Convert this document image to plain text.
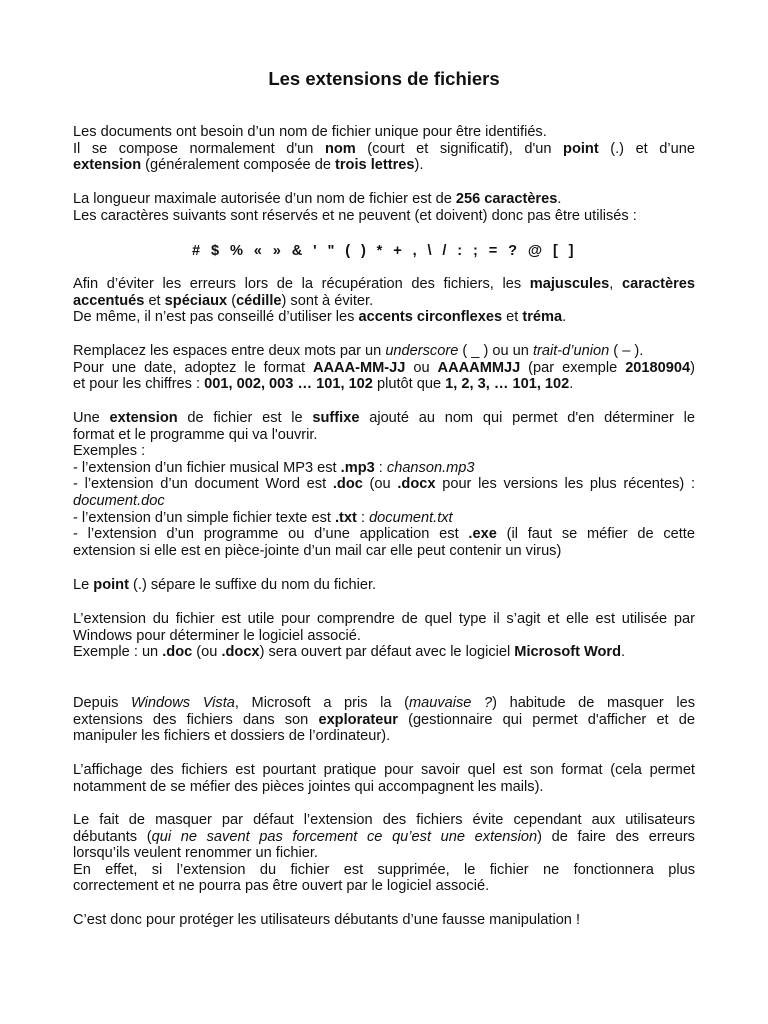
Les extensions de fichiers
Les documents ont besoin d’un nom de fichier unique pour être identifiés.
Il se compose normalement d'un nom (court et significatif), d'un point (.) et d’une
extension (généralement composée de trois lettres).
La longueur maximale autorisée d’un nom de fichier est de 256 caractères.
Les caractères suivants sont réservés et ne peuvent (et doivent) donc pas être utilisés :
# $ % « » & ' " ( ) * + , \ / : ; = ? @ [ ]
Afin d’éviter les erreurs lors de la récupération des fichiers, les majuscules, caractères
accentués et spéciaux (cédille) sont à éviter.
De même, il n’est pas conseillé d’utiliser les accents circonflexes et tréma.
Remplacez les espaces entre deux mots par un underscore ( _ ) ou un trait-d’union ( – ).
Pour une date, adoptez le format AAAA-MM-JJ ou AAAAMMJJ (par exemple 20180904)
et pour les chiffres : 001, 002, 003 … 101, 102 plutôt que 1, 2, 3, … 101, 102.
Une extension de fichier est le suffixe ajouté au nom qui permet d'en déterminer le
format et le programme qui va l'ouvrir.
Exemples :
- l’extension d’un fichier musical MP3 est .mp3 : chanson.mp3
- l’extension d’un document Word est .doc (ou .docx pour les versions les plus récentes) :
document.doc
- l’extension d’un simple fichier texte est .txt : document.txt
- l’extension d’un programme ou d’une application est .exe (il faut se méfier de cette
extension si elle est en pièce-jointe d’un mail car elle peut contenir un virus)
Le point (.) sépare le suffixe du nom du fichier.
L’extension du fichier est utile pour comprendre de quel type il s’agit et elle est utilisée par
Windows pour déterminer le logiciel associé.
Exemple : un .doc (ou .docx) sera ouvert par défaut avec le logiciel Microsoft Word.
Depuis Windows Vista, Microsoft a pris la (mauvaise ?) habitude de masquer les
extensions des fichiers dans son explorateur (gestionnaire qui permet d'afficher et de
manipuler les fichiers et dossiers de l’ordinateur).
L’affichage des fichiers est pourtant pratique pour savoir quel est son format (cela permet
notamment de se méfier des pièces jointes qui accompagnent les mails).
Le fait de masquer par défaut l’extension des fichiers évite cependant aux utilisateurs
débutants (qui ne savent pas forcement ce qu’est une extension) de faire des erreurs
lorsqu’ils veulent renommer un fichier.
En effet, si l’extension du fichier est supprimée, le fichier ne fonctionnera plus
correctement et ne pourra pas être ouvert par le logiciel associé.
C’est donc pour protéger les utilisateurs débutants d’une fausse manipulation !
